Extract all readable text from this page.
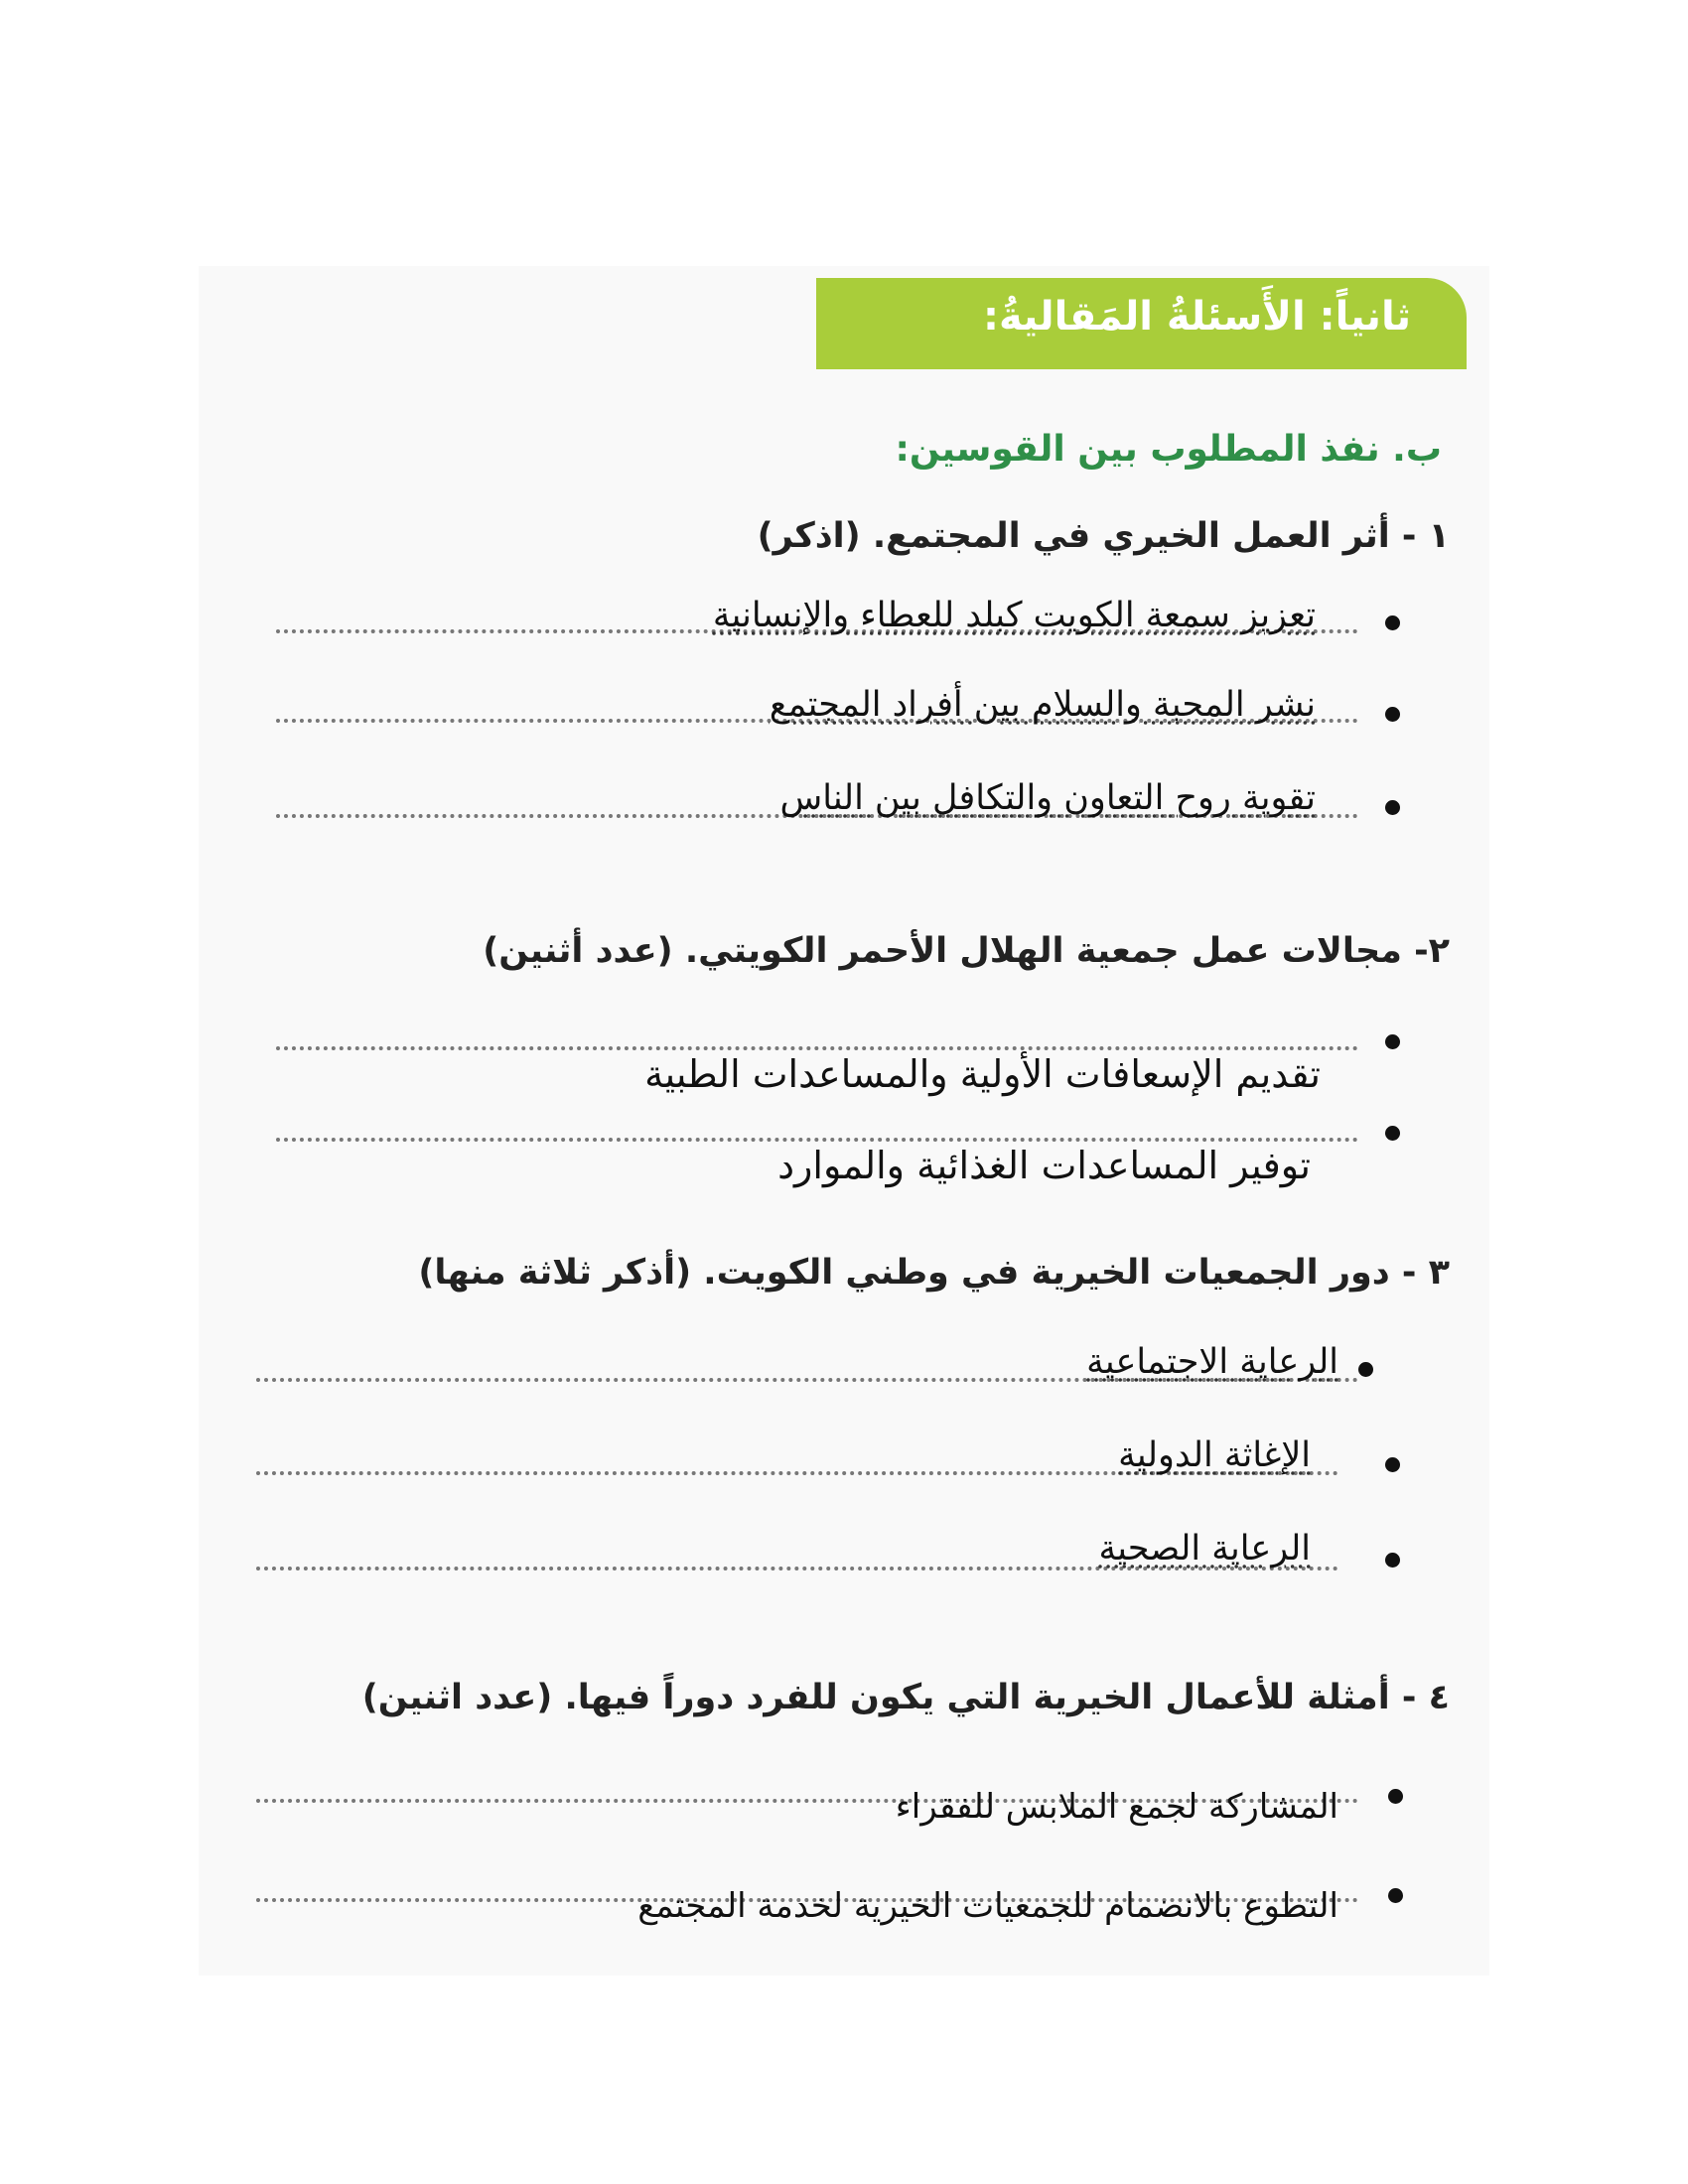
ثانياً: الأَسئلةُ المَقاليةُ:
ب. نفذ المطلوب بين القوسين:
١ - أثر العمل الخيري في المجتمع. (اذكر)
تعزيز سمعة الكويت كبلد للعطاء والإنسانية
نشر المحبة والسلام بين أفراد المجتمع
تقوية روح التعاون والتكافل بين الناس
٢- مجالات عمل جمعية الهلال الأحمر الكويتي. (عدد أثنين)
تقديم الإسعافات الأولية والمساعدات الطبية
توفير المساعدات الغذائية والموارد
٣ - دور الجمعيات الخيرية في وطني الكويت. (أذكر ثلاثة منها)
الرعاية الاجتماعية
الإغاثة الدولية
الرعاية الصحية
٤ - أمثلة للأعمال الخيرية التي يكون للفرد دوراً فيها. (عدد اثنين)
المشاركة لجمع الملابس للفقراء
التطوع بالانضمام للجمعيات الخيرية لخدمة المجتمع
